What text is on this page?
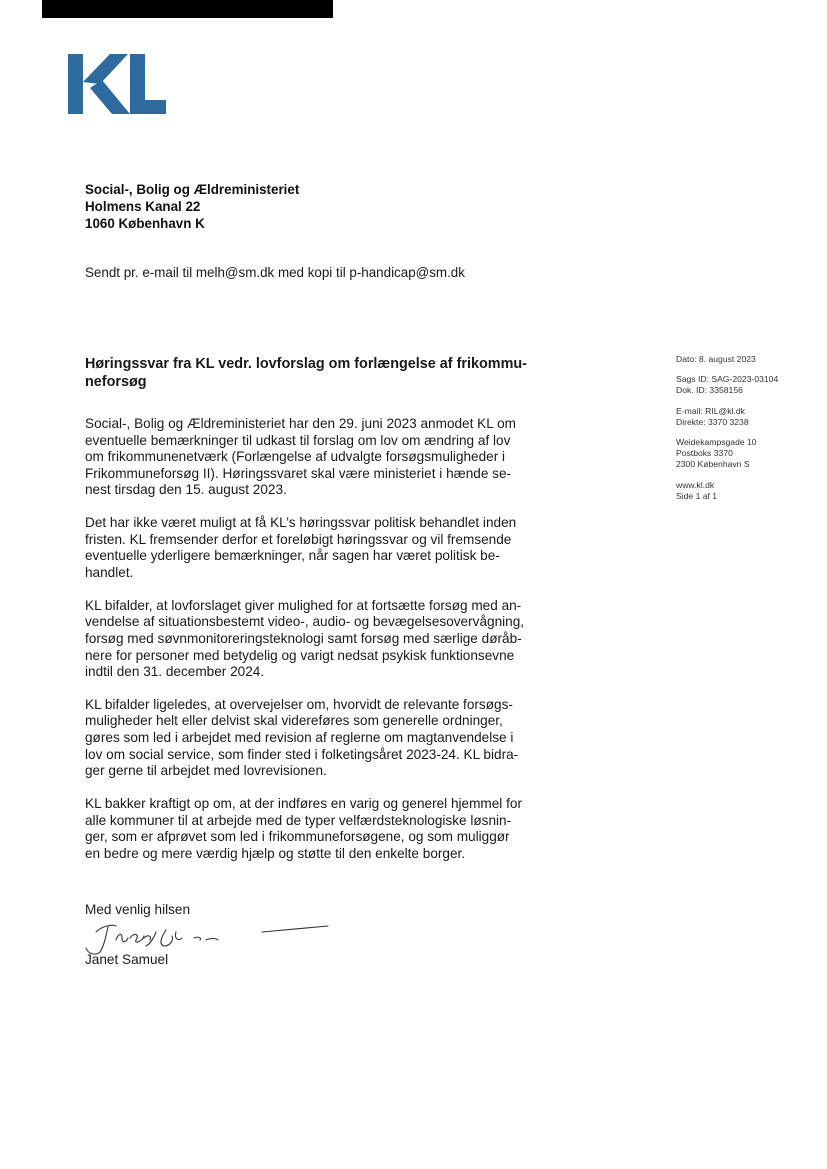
Social-, Bolig og Ældreministeriet
Holmens Kanal 22
1060 København K
Sendt pr. e-mail til melh@sm.dk med kopi til p-handicap@sm.dk
Høringssvar fra KL vedr. lovforslag om forlængelse af frikommu-
neforsøg
Dato: 8. august 2023
Sags ID: SAG-2023-03104
Dok. ID: 3358156
E-mail: RIL@kl.dk
Direkte: 3370 3238
Weidekampsgade 10
Postboks 3370
2300 København S
www.kl.dk
Side 1 af 1
Social-, Bolig og Ældreministeriet har den 29. juni 2023 anmodet KL om
eventuelle bemærkninger til udkast til forslag om lov om ændring af lov
om frikommunenetværk (Forlængelse af udvalgte forsøgsmuligheder i
Frikommuneforsøg II). Høringssvaret skal være ministeriet i hænde se-
nest tirsdag den 15. august 2023.
Det har ikke været muligt at få KL’s høringssvar politisk behandlet inden
fristen. KL fremsender derfor et foreløbigt høringssvar og vil fremsende
eventuelle yderligere bemærkninger, når sagen har været politisk be-
handlet.
KL bifalder, at lovforslaget giver mulighed for at fortsætte forsøg med an-
vendelse af situationsbestemt video-, audio- og bevægelsesovervågning,
forsøg med søvnmonitoreringsteknologi samt forsøg med særlige døråb-
nere for personer med betydelig og varigt nedsat psykisk funktionsevne
indtil den 31. december 2024.
KL bifalder ligeledes, at overvejelser om, hvorvidt de relevante forsøgs-
muligheder helt eller delvist skal videreføres som generelle ordninger,
gøres som led i arbejdet med revision af reglerne om magtanvendelse i
lov om social service, som finder sted i folketingsåret 2023-24. KL bidra-
ger gerne til arbejdet med lovrevisionen.
KL bakker kraftigt op om, at der indføres en varig og generel hjemmel for
alle kommuner til at arbejde med de typer velfærdsteknologiske løsnin-
ger, som er afprøvet som led i frikommuneforsøgene, og som muliggør
en bedre og mere værdig hjælp og støtte til den enkelte borger.
Med venlig hilsen
Janet Samuel
